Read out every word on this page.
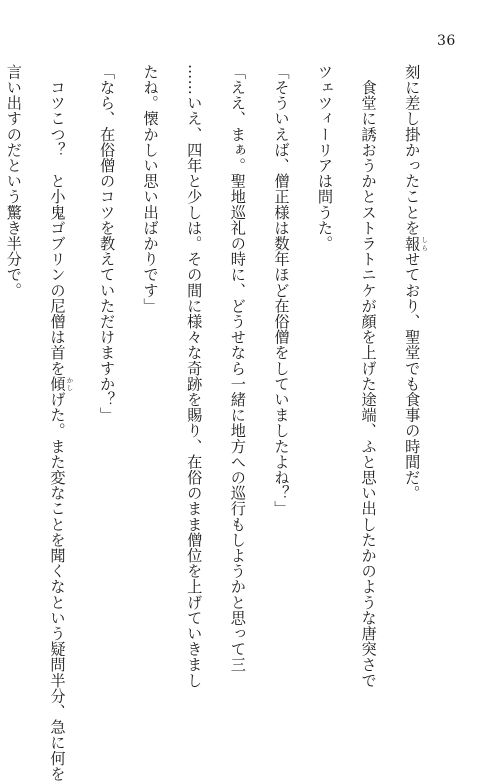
36

刻に差し掛かったことを報 しらせており、聖堂でも食事の時間だ。

　食堂に誘おうかとストラトニケが顔を上げた途端、ふと思い出したかのような唐突さで

ツェツィーリアは問うた。

「そういえば、僧正様は数年ほど在俗僧をしていましたよね？」

「ええ、まぁ。聖地巡礼の時に、どうせなら一緒に地方への巡行もしようかと思って三

……いえ、四年と少しは。その間に様々な奇跡を賜り、在俗のまま僧位を上げていきまし

たね。懐かしい思い出ばかりです」

「なら、在俗僧のコツを教えていただけますか？」

　コツこつ？　と小鬼ゴブリンの尼僧は首を傾 かしげた。また変なことを聞くなという疑問半分、急に何を

言い出すのだという驚き半分で。
